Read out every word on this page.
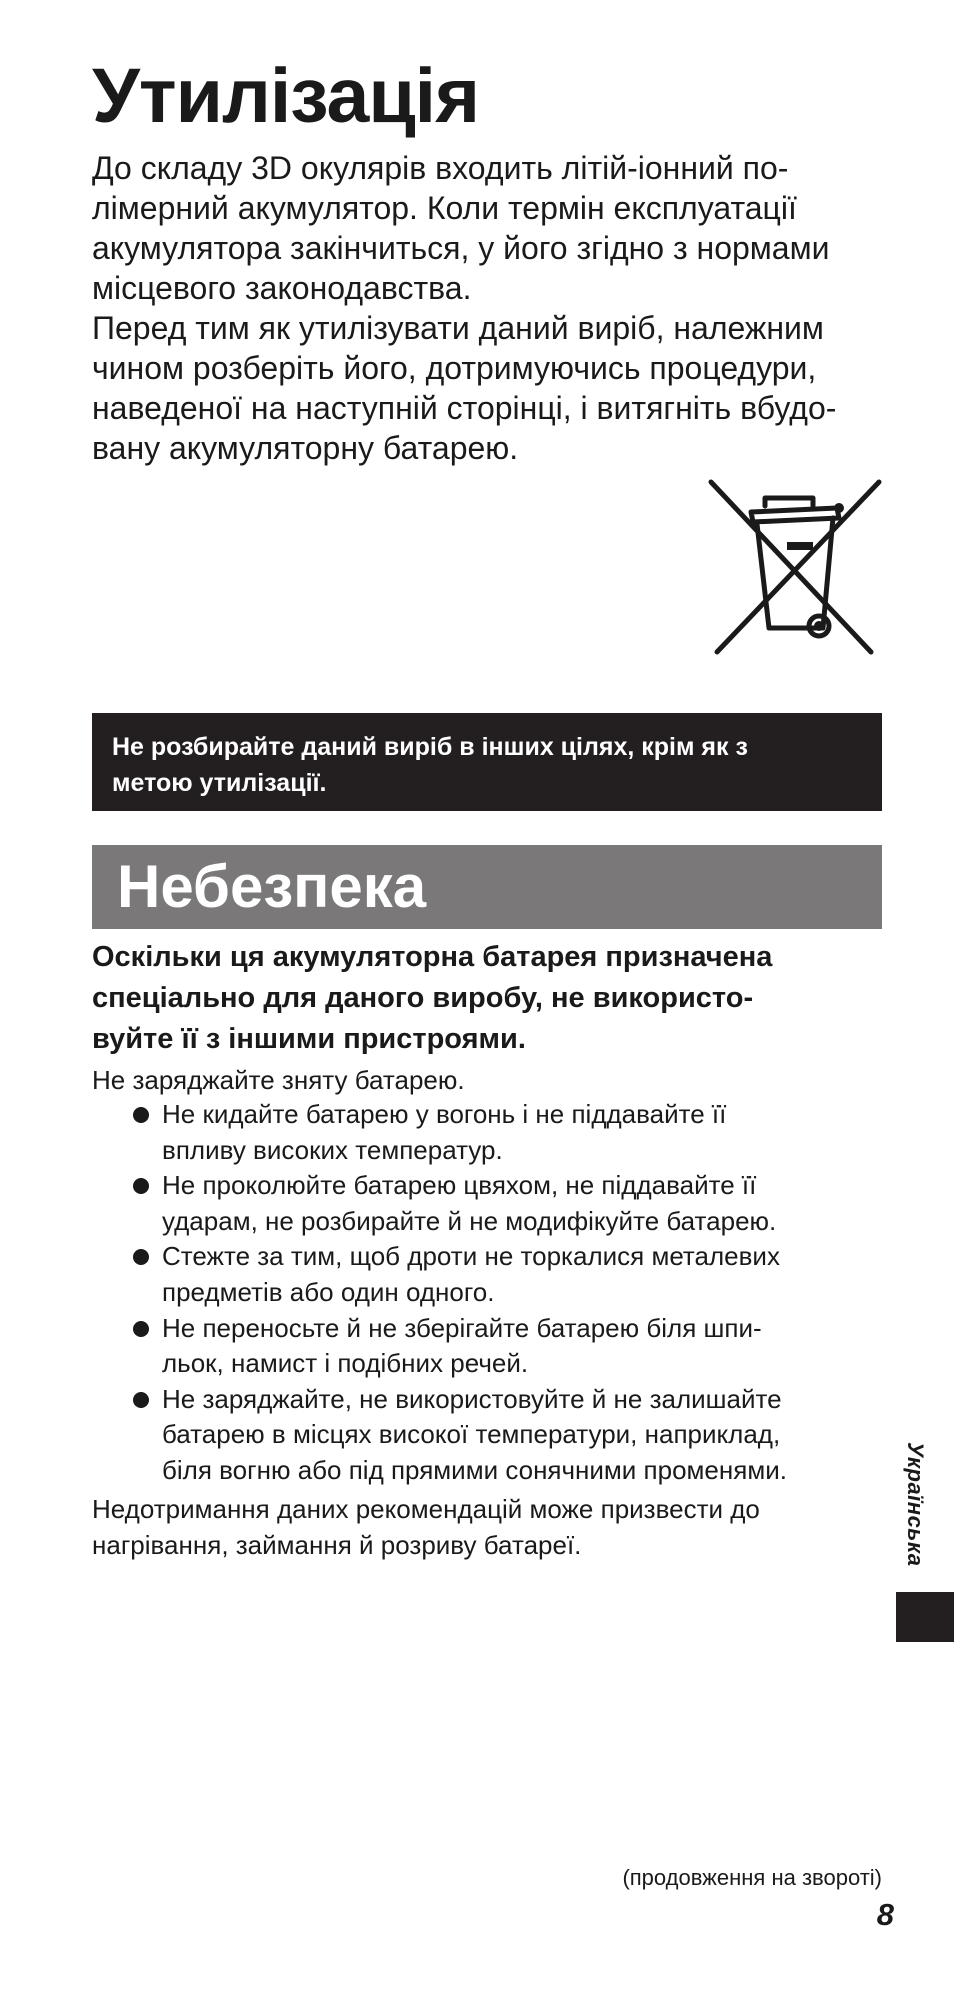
Утилізація

До складу 3D окулярів входить літій-іонний по-
лімерний акумулятор. Коли термін експлуатації
акумулятора закінчиться, у його згідно з нормами
місцевого законодавства.

Перед тим як утилізувати даний виріб, належним
чином розберіть його, дотримуючись процедури,
наведеної на наступній сторінці, і витягніть вбудо-
вану акумуляторну батарею.

Не розбирайте даний виріб в інших цілях, крім як з
метою утилізації.
Небезпека

Оскільки ця акумуляторна батарея призначена
спеціально для даного виробу, не використо-
вуйте її з іншими пристроями.

Не заряджайте зняту батарею.

Не кидайте батарею у вогонь і не піддавайте її
впливу високих температур.
Не проколюйте батарею цвяхом, не піддавайте її
ударам, не розбирайте й не модифікуйте батарею.
Стежте за тим, щоб дроти не торкалися металевих
предметів або один одного.
Не переносьте й не зберігайте батарею біля шпи-
льок, намист і подібних речей.
Не заряджайте, не використовуйте й не залишайте
батарею в місцях високої температури, наприклад,
біля вогню або під прямими сонячними променями.

Недотримання даних рекомендацій може призвести до
нагрівання, займання й розриву батареї.	Українська

(продовження на звороті)

8
